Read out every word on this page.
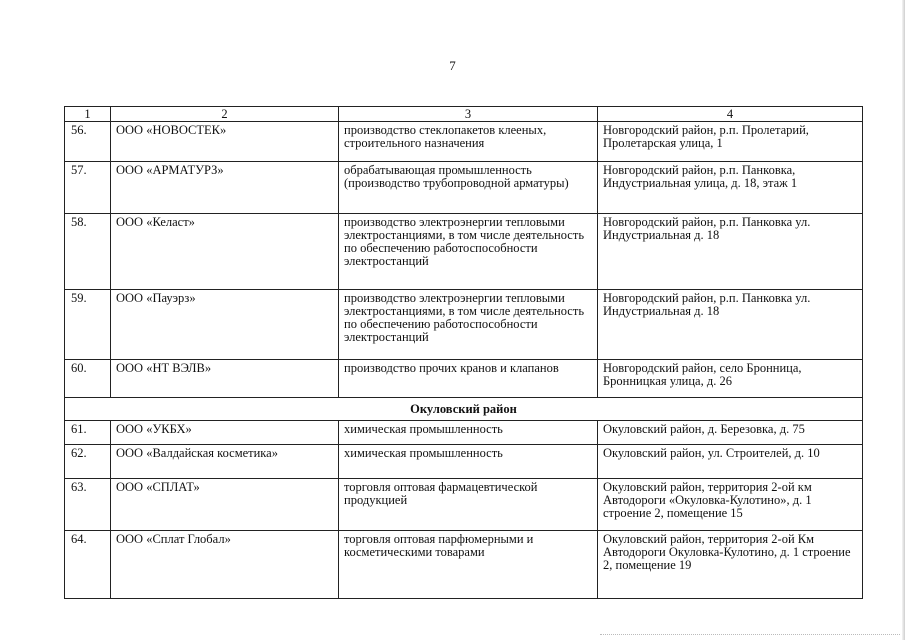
7
1	2	3	4
56.	ООО «НОВОСТЕК»	производство стеклопакетов клееных, строительного назначения	Новгородский район, р.п. Пролетарий, Пролетарская улица, 1
57.	ООО «АРМАТУРЗ»	обрабатывающая промышленность (производство трубопроводной арматуры)	Новгородский район, р.п. Панковка, Индустриальная улица, д. 18, этаж 1
58.	ООО «Келаст»	производство электроэнергии тепловыми электростанциями, в том числе деятельность по обеспечению работоспособности электростанций	Новгородский район, р.п. Панковка ул. Индустриальная д. 18
59.	ООО «Пауэрз»	производство электроэнергии тепловыми электростанциями, в том числе деятельность по обеспечению работоспособности электростанций	Новгородский район, р.п. Панковка ул. Индустриальная д. 18
60.	ООО «НТ ВЭЛВ»	производство прочих кранов и клапанов	Новгородский район, село Бронница, Бронницкая улица, д. 26
Окуловский район			
61.	ООО «УКБХ»	химическая промышленность	Окуловский район, д. Березовка, д. 75
62.	ООО «Валдайская косметика»	химическая промышленность	Окуловский район, ул. Строителей, д. 10
63.	ООО «СПЛАТ»	торговля оптовая фармацевтической продукцией	Окуловский район, территория 2-ой км Автодороги «Окуловка-Кулотино», д. 1 строение 2, помещение 15
64.	ООО «Сплат Глобал»	торговля оптовая парфюмерными и косметическими товарами	Окуловский район, территория 2-ой Км Автодороги Окуловка-Кулотино, д. 1 строение 2, помещение 19
